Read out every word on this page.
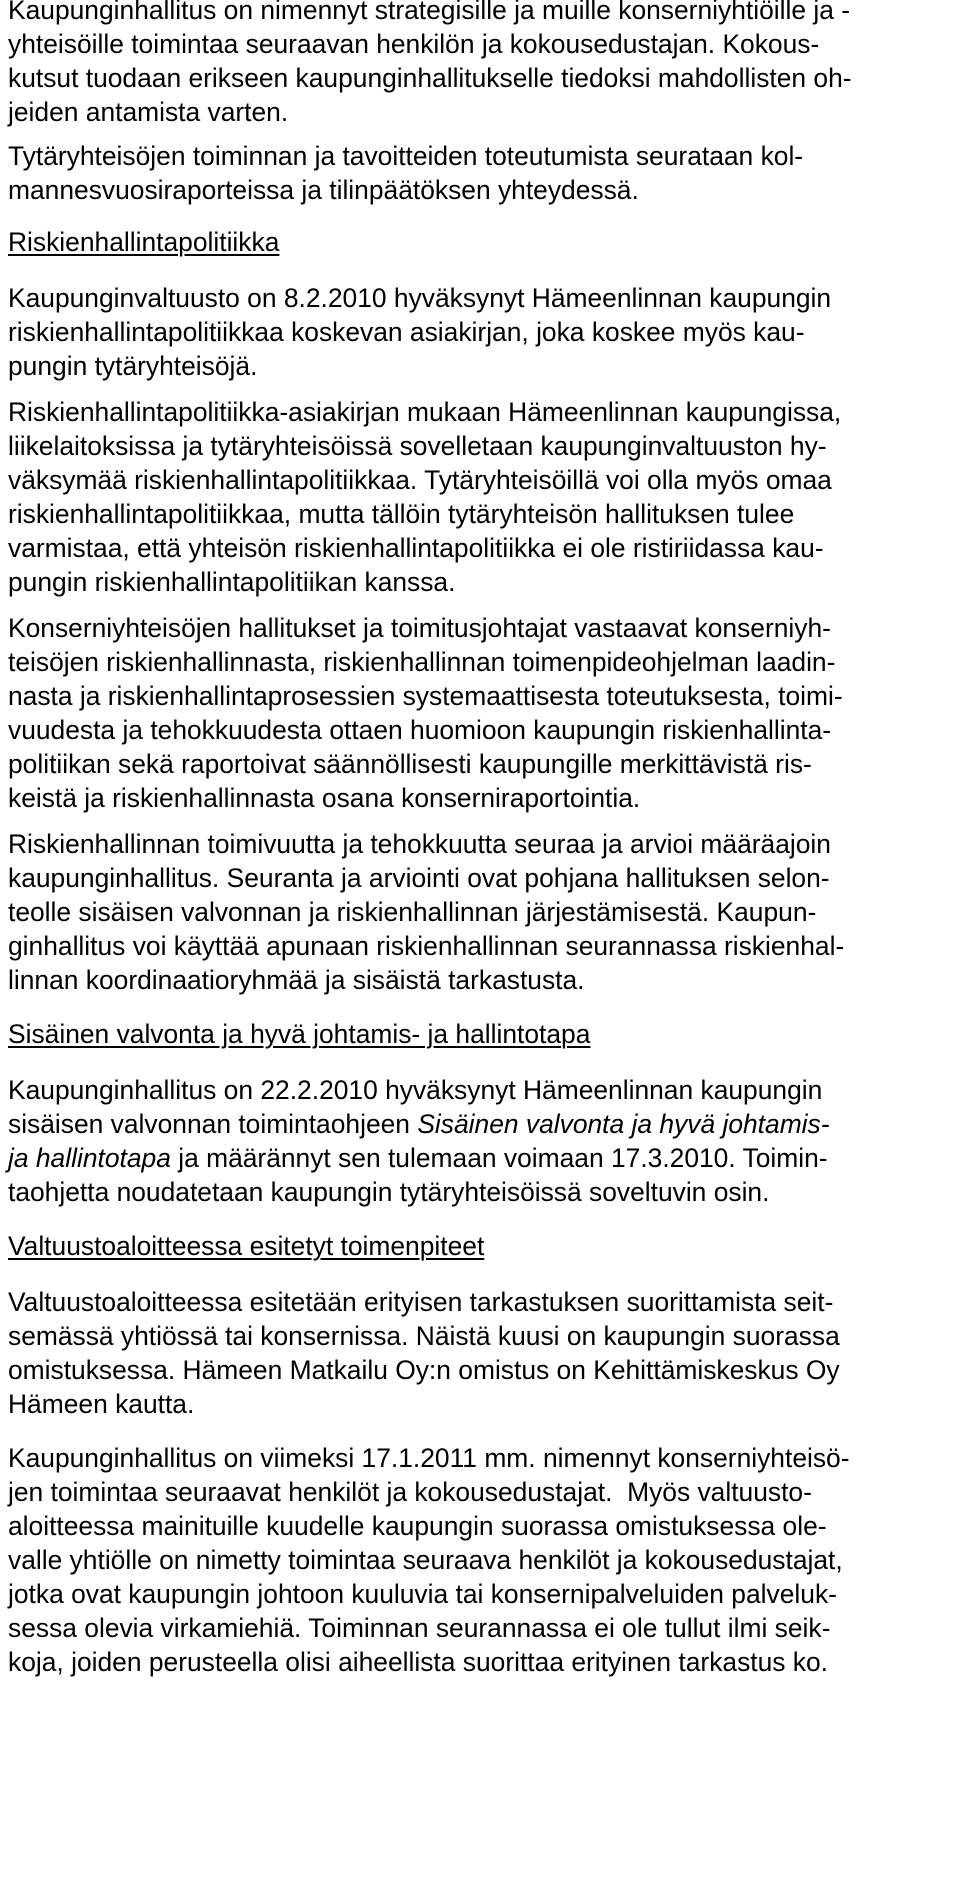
Kaupunginhallitus on nimennyt strategisille ja muille konserniyhtiöille ja -
yhteisöille toimintaa seuraavan henkilön ja kokousedustajan. Kokous-
kutsut tuodaan erikseen kaupunginhallitukselle tiedoksi mahdollisten oh-
jeiden antamista varten.
Tytäryhteisöjen toiminnan ja tavoitteiden toteutumista seurataan kol-
mannesvuosiraporteissa ja tilinpäätöksen yhteydessä.
Riskienhallintapolitiikka
Kaupunginvaltuusto on 8.2.2010 hyväksynyt Hämeenlinnan kaupungin
riskienhallintapolitiikkaa koskevan asiakirjan, joka koskee myös kau-
pungin tytäryhteisöjä.
Riskienhallintapolitiikka-asiakirjan mukaan Hämeenlinnan kaupungissa,
liikelaitoksissa ja tytäryhteisöissä sovelletaan kaupunginvaltuuston hy-
väksymää riskienhallintapolitiikkaa. Tytäryhteisöillä voi olla myös omaa
riskienhallintapolitiikkaa, mutta tällöin tytäryhteisön hallituksen tulee
varmistaa, että yhteisön riskienhallintapolitiikka ei ole ristiriidassa kau-
pungin riskienhallintapolitiikan kanssa.
Konserniyhteisöjen hallitukset ja toimitusjohtajat vastaavat konserniyh-
teisöjen riskienhallinnasta, riskienhallinnan toimenpideohjelman laadin-
nasta ja riskienhallintaprosessien systemaattisesta toteutuksesta, toimi-
vuudesta ja tehokkuudesta ottaen huomioon kaupungin riskienhallinta-
politiikan sekä raportoivat säännöllisesti kaupungille merkittävistä ris-
keistä ja riskienhallinnasta osana konserniraportointia.
Riskienhallinnan toimivuutta ja tehokkuutta seuraa ja arvioi määräajoin
kaupunginhallitus. Seuranta ja arviointi ovat pohjana hallituksen selon-
teolle sisäisen valvonnan ja riskienhallinnan järjestämisestä. Kaupun-
ginhallitus voi käyttää apunaan riskienhallinnan seurannassa riskienhal-
linnan koordinaatioryhmää ja sisäistä tarkastusta.
Sisäinen valvonta ja hyvä johtamis- ja hallintotapa
Kaupunginhallitus on 22.2.2010 hyväksynyt Hämeenlinnan kaupungin
sisäisen valvonnan toimintaohjeen Sisäinen valvonta ja hyvä johtamis-
ja hallintotapa ja määrännyt sen tulemaan voimaan 17.3.2010. Toimin-
taohjetta noudatetaan kaupungin tytäryhteisöissä soveltuvin osin.
Valtuustoaloitteessa esitetyt toimenpiteet
Valtuustoaloitteessa esitetään erityisen tarkastuksen suorittamista seit-
semässä yhtiössä tai konsernissa. Näistä kuusi on kaupungin suorassa
omistuksessa. Hämeen Matkailu Oy:n omistus on Kehittämiskeskus Oy
Hämeen kautta.
Kaupunginhallitus on viimeksi 17.1.2011 mm. nimennyt konserniyhteisö-
jen toimintaa seuraavat henkilöt ja kokousedustajat.  Myös valtuusto-
aloitteessa mainituille kuudelle kaupungin suorassa omistuksessa ole-
valle yhtiölle on nimetty toimintaa seuraava henkilöt ja kokousedustajat,
jotka ovat kaupungin johtoon kuuluvia tai konsernipalveluiden palveluk-
sessa olevia virkamiehiä. Toiminnan seurannassa ei ole tullut ilmi seik-
koja, joiden perusteella olisi aiheellista suorittaa erityinen tarkastus ko.
